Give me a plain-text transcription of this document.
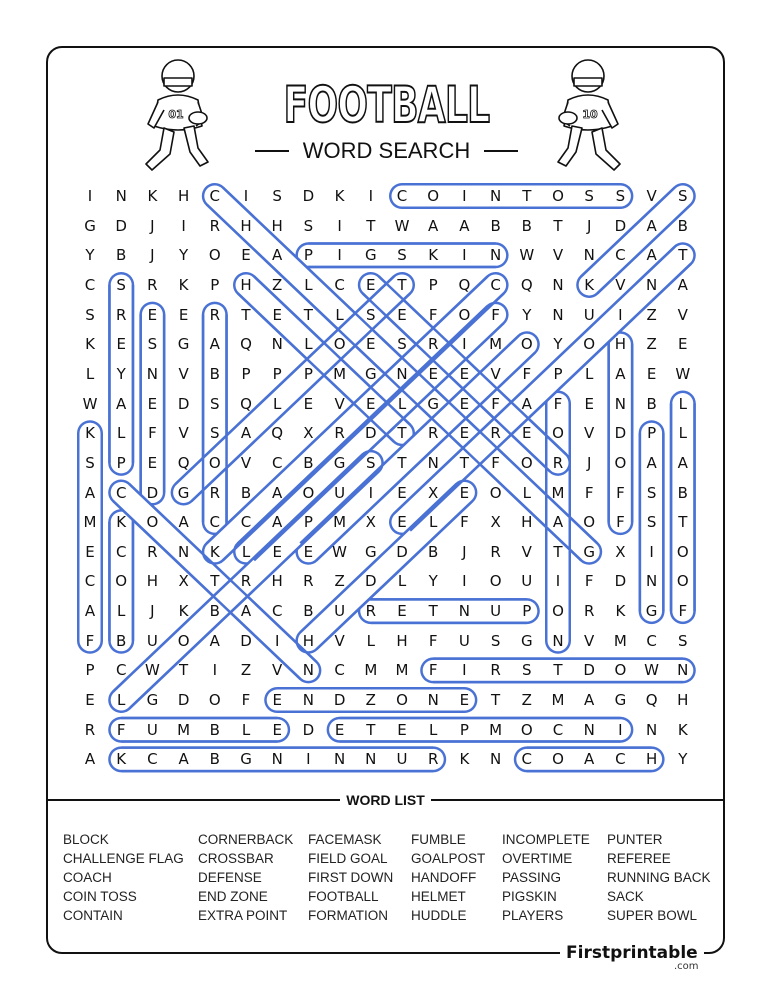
01	10
FOOTBALL
WORD SEARCH
I	N	K	H	C	I	S	D	K	I	C	O	I	N	T	O	S	S	V	S
G	D	J	I	R	H	H	S	I	T	W	A	A	B	B	T	J	D	A	B
Y	B	J	Y	O	E	A	P	I	G	S	K	I	N	W	V	N	C	A	T
C	S	R	K	P	H	Z	L	C	E	T	P	Q	C	Q	N	K	V	N	A
S	R	E	E	R	T	E	T	L	S	E	F	O	F	Y	N	U	I	Z	V
K	E	S	G	A	Q	N	L	O	E	S	R	I	M	O	Y	O	H	Z	E
L	Y	N	V	B	P	P	P	M	G	N	E	E	V	F	P	L	A	E	W
W	A	E	D	S	Q	L	E	V	E	L	G	E	F	A	F	E	N	B	L
K	L	F	V	S	A	Q	X	R	D	T	R	E	R	E	O	V	D	P	L
S	P	E	Q	O	V	C	B	G	S	T	N	T	F	O	R	J	O	A	A
A	C	D	G	R	B	A	O	U	I	E	X	E	O	L	M	F	F	S	B
M	K	O	A	C	C	A	P	M	X	E	L	F	X	H	A	O	F	S	T
E	C	R	N	K	L	E	E	W	G	D	B	J	R	V	T	G	X	I	O
C	O	H	X	T	R	H	R	Z	D	L	Y	I	O	U	I	F	D	N	O
A	L	J	K	B	A	C	B	U	R	E	T	N	U	P	O	R	K	G	F
F	B	U	O	A	D	I	H	V	L	H	F	U	S	G	N	V	M	C	S
P	C	W	T	I	Z	V	N	C	M	M	F	I	R	S	T	D	O	W	N
E	L	G	D	O	F	E	N	D	Z	O	N	E	T	Z	M	A	G	Q	H
R	F	U	M	B	L	E	D	E	T	E	L	P	M	O	C	N	I	N	K
A	K	C	A	B	G	N	I	N	N	U	R	K	N	C	O	A	C	H	Y
WORD LIST
BLOCK
CHALLENGE FLAG
COACH
COIN TOSS
CONTAIN
CORNERBACK
CROSSBAR
DEFENSE
END ZONE
EXTRA POINT
FACEMASK
FIELD GOAL
FIRST DOWN
FOOTBALL
FORMATION
FUMBLE
GOALPOST
HANDOFF
HELMET
HUDDLE
INCOMPLETE
OVERTIME
PASSING
PIGSKIN
PLAYERS
PUNTER
REFEREE
RUNNING BACK
SACK
SUPER BOWL
Firstprintable
.com
